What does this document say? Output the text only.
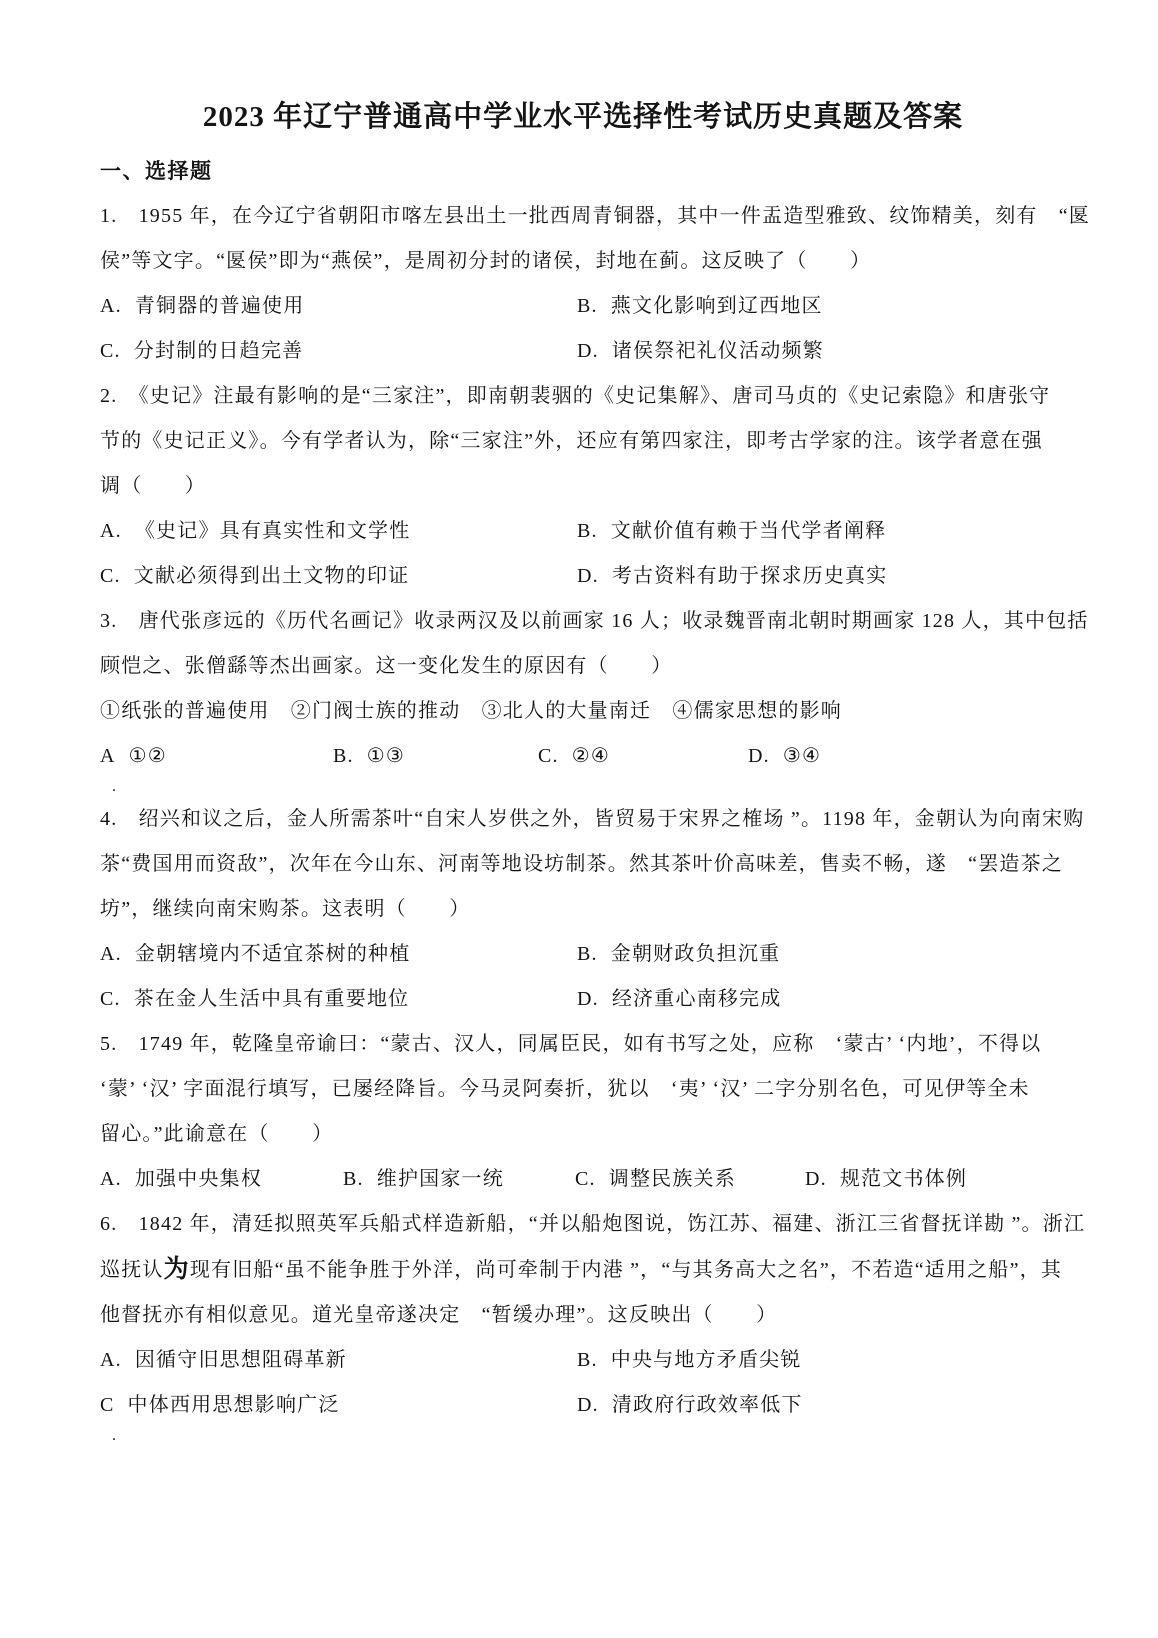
2023 年辽宁普通高中学业水平选择性考试历史真题及答案
一、选择题
1.　1955 年，在今辽宁省朝阳市喀左县出土一批西周青铜器，其中一件盂造型雅致、纹饰精美，刻有　“匽
侯”等文字。“匽侯”即为“燕侯”，是周初分封的诸侯，封地在蓟。这反映了（　　）
A. 青铜器的普遍使用	B. 燕文化影响到辽西地区
C. 分封制的日趋完善	D. 诸侯祭祀礼仪活动频繁
2.　《史记》注最有影响的是“三家注”，即南朝裴骃的《史记集解》、唐司马贞的《史记索隐》和唐张守
节的《史记正义》。今有学者认为，除“三家注”外，还应有第四家注，即考古学家的注。该学者意在强
调（　　）
A. 《史记》具有真实性和文学性	B. 文献价值有赖于当代学者阐释
C. 文献必须得到出土文物的印证	D. 考古资料有助于探求历史真实
3.　唐代张彦远的《历代名画记》收录两汉及以前画家 16 人；收录魏晋南北朝时期画家 128 人，其中包括
顾恺之、张僧繇等杰出画家。这一变化发生的原因有（　　）
①纸张的普遍使用　②门阀士族的推动　③北人的大量南迁　④儒家思想的影响
A ①②	B. ①③	C. ②④	D. ③④
.
4.　绍兴和议之后，金人所需茶叶“自宋人岁供之外，皆贸易于宋界之榷场 ”。1198 年，金朝认为向南宋购
茶“费国用而资敌”，次年在今山东、河南等地设坊制茶。然其茶叶价高味差，售卖不畅，遂　“罢造茶之
坊”，继续向南宋购茶。这表明（　　）
A. 金朝辖境内不适宜茶树的种植	B. 金朝财政负担沉重
C. 茶在金人生活中具有重要地位	D. 经济重心南移完成
5.　1749 年，乾隆皇帝谕曰：“蒙古、汉人，同属臣民，如有书写之处，应称　‘蒙古’ ‘内地’，不得以
‘蒙’ ‘汉’ 字面混行填写，已屡经降旨。今马灵阿奏折，犹以　‘夷’ ‘汉’ 二字分别名色，可见伊等全未
留心。”此谕意在（　　）
A. 加强中央集权	B. 维护国家一统	C. 调整民族关系	D. 规范文书体例
6.　1842 年，清廷拟照英军兵船式样造新船，“并以船炮图说，饬江苏、福建、浙江三省督抚详勘 ”。浙江
巡抚认为现有旧船“虽不能争胜于外洋，尚可牵制于内港 ”，“与其务高大之名”，不若造“适用之船”，其
他督抚亦有相似意见。道光皇帝遂决定　“暂缓办理”。这反映出（　　）
A. 因循守旧思想阻碍革新	B. 中央与地方矛盾尖锐
C 中体西用思想影响广泛	D. 清政府行政效率低下
.
